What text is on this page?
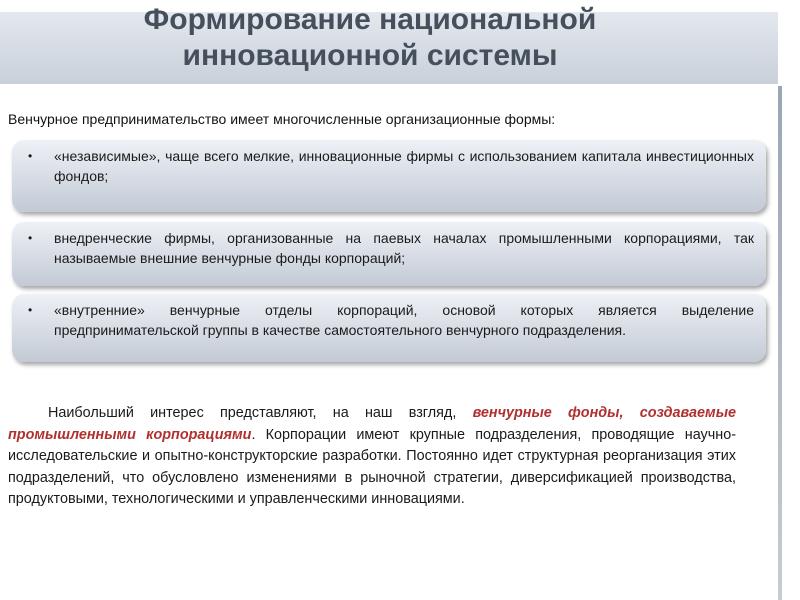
Формирование национальной
инновационной системы

Венчурное предпринимательство имеет многочисленные организационные формы:

•	«независимые», чаще всего мелкие, инновационные фирмы с использованием капитала инвестиционных фондов;
•	внедренческие фирмы, организованные на паевых началах промышленными корпорациями, так называемые внешние венчурные фонды корпораций;
•	«внутренние» венчурные отделы корпораций, основой которых является выделение предпринимательской группы в качестве самостоятельного венчурного подразделения.

Наибольший интерес представляют, на наш взгляд, венчурные фонды, создаваемые промышленными корпорациями. Корпорации имеют крупные подразделения, проводящие научно-исследовательские и опытно-конструкторские разработки. Постоянно идет структурная реорганизация этих подразделений, что обусловлено изменениями в рыночной стратегии, диверсификацией производства, продуктовыми, технологическими и управленческими инновациями.
